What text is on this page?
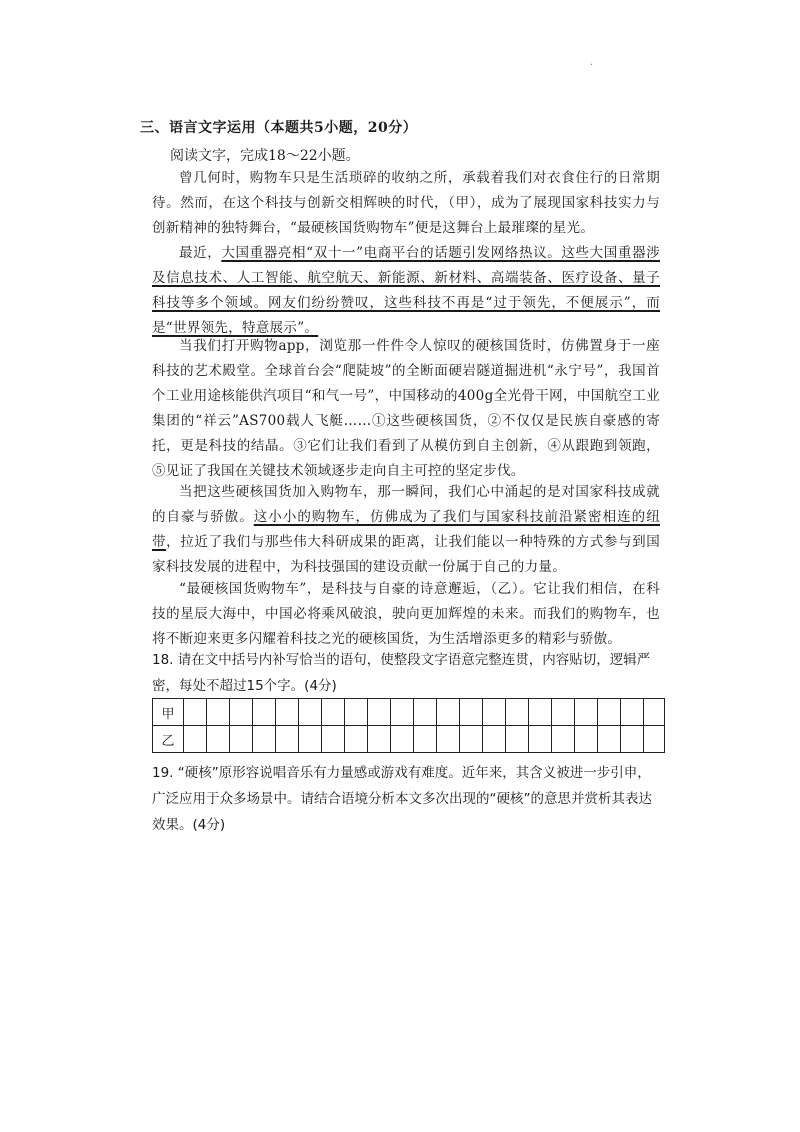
·
三、语言文字运用（本题共5小题，20分）
阅读文字，完成18～22小题。
曾几何时，购物车只是生活琐碎的收纳之所，承载着我们对衣食住行的日常期待。然而，在这个科技与创新交相辉映的时代，（甲），成为了展现国家科技实力与创新精神的独特舞台，“最硬核国货购物车”便是这舞台上最璀璨的星光。
最近，大国重器亮相“双十一”电商平台的话题引发网络热议。这些大国重器涉及信息技术、人工智能、航空航天、新能源、新材料、高端装备、医疗设备、量子科技等多个领域。网友们纷纷赞叹，这些科技不再是“过于领先，不便展示”，而是“世界领先，特意展示”。
当我们打开购物app，浏览那一件件令人惊叹的硬核国货时，仿佛置身于一座科技的艺术殿堂。全球首台会“爬陡坡”的全断面硬岩隧道掘进机“永宁号”，我国首个工业用途核能供汽项目“和气一号”，中国移动的400g全光骨干网，中国航空工业集团的“祥云”AS700载人飞艇……①这些硬核国货，②不仅仅是民族自豪感的寄托，更是科技的结晶。③它们让我们看到了从模仿到自主创新，④从跟跑到领跑，⑤见证了我国在关键技术领域逐步走向自主可控的坚定步伐。
当把这些硬核国货加入购物车，那一瞬间，我们心中涌起的是对国家科技成就的自豪与骄傲。这小小的购物车，仿佛成为了我们与国家科技前沿紧密相连的纽带，拉近了我们与那些伟大科研成果的距离，让我们能以一种特殊的方式参与到国家科技发展的进程中，为科技强国的建设贡献一份属于自己的力量。
“最硬核国货购物车”，是科技与自豪的诗意邂逅，（乙）。它让我们相信，在科技的星辰大海中，中国必将乘风破浪，驶向更加辉煌的未来。而我们的购物车，也将不断迎来更多闪耀着科技之光的硬核国货，为生活增添更多的精彩与骄傲。
18. 请在文中括号内补写恰当的语句，使整段文字语意完整连贯，内容贴切，逻辑严密，每处不超过15个字。(4分)
甲																					
乙																					
19. “硬核”原形容说唱音乐有力量感或游戏有难度。近年来，其含义被进一步引申，广泛应用于众多场景中。请结合语境分析本文多次出现的“硬核”的意思并赏析其表达效果。(4分)
